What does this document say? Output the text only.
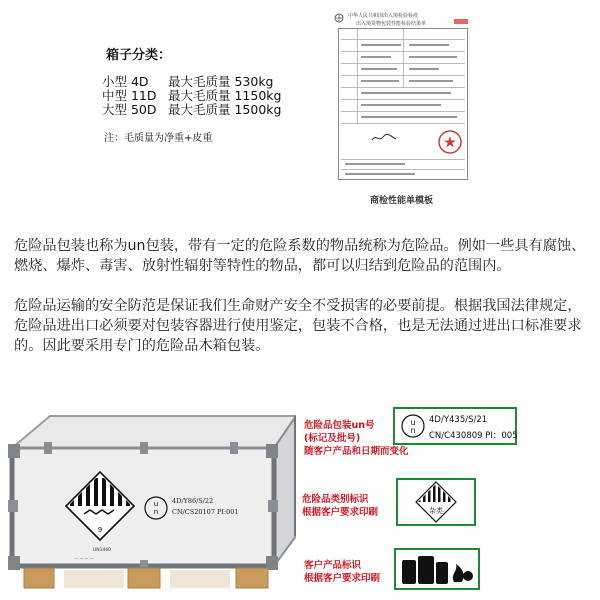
箱子分类：
小型 4D 最大毛质量 530kg
中型 11D 最大毛质量 1150kg
大型 50D 最大毛质量 1500kg
注：毛质量为净重+皮重
中华人民共和国出入境检验检疫
出入境货物包装性能检验结果单
商检性能单模板
危险品包装也称为un包装，带有一定的危险系数的物品统称为危险品。例如一些具有腐蚀、燃烧、爆炸、毒害、放射性辐射等特性的物品，都可以归结到危险品的范围内。
危险品运输的安全防范是保证我们生命财产安全不受损害的必要前提。根据我国法律规定，危险品进出口必须要对包装容器进行使用鉴定，包装不合格，也是无法通过进出口标准要求的。因此要采用专门的危险品木箱包装。
9
UN1460
— — — —
u
n
4D/Y86/S/22
CN/CS20107 PI:001
危险品包装un号
(标记及批号)
随客户产品和日期而变化
u
n
4D/Y435/S/21
CN/C430809 PI：005
危险品类别标识
根据客户要求印刷	杂类
客户产品标识
根据客户要求印刷
